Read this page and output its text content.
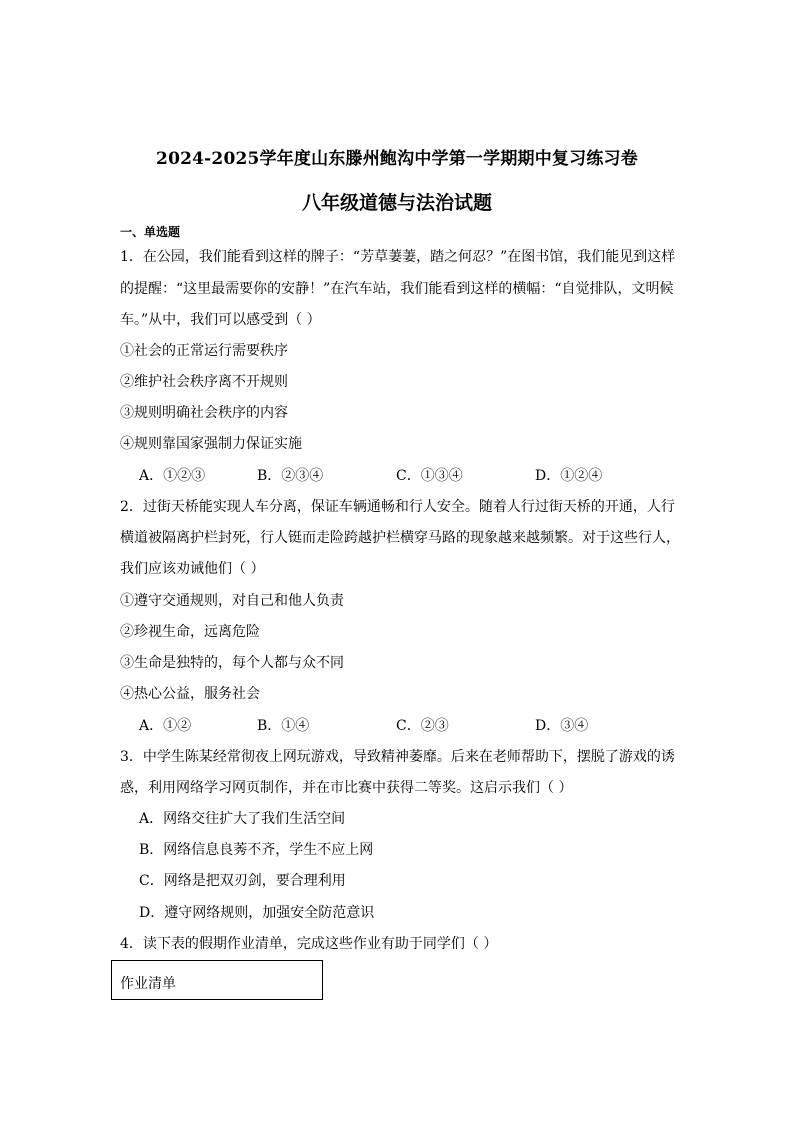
2024-2025学年度山东滕州鲍沟中学第一学期期中复习练习卷
八年级道德与法治试题
一、单选题
1．在公园，我们能看到这样的牌子：“芳草萋萋，踏之何忍？”在图书馆，我们能见到这样
的提醒：“这里最需要你的安静！”在汽车站，我们能看到这样的横幅：“自觉排队，文明候
车。”从中，我们可以感受到（ ）
①社会的正常运行需要秩序
②维护社会秩序离不开规则
③规则明确社会秩序的内容
④规则靠国家强制力保证实施
A．①②③	B．②③④	C．①③④	D．①②④
2．过街天桥能实现人车分离，保证车辆通畅和行人安全。随着人行过街天桥的开通，人行
横道被隔离护栏封死，行人铤而走险跨越护栏横穿马路的现象越来越频繁。对于这些行人，
我们应该劝诫他们（ ）
①遵守交通规则，对自己和他人负责
②珍视生命，远离危险
③生命是独特的，每个人都与众不同
④热心公益，服务社会
A．①②	B．①④	C．②③	D．③④
3．中学生陈某经常彻夜上网玩游戏，导致精神萎靡。后来在老师帮助下，摆脱了游戏的诱
惑，利用网络学习网页制作，并在市比赛中获得二等奖。这启示我们（ ）
A．网络交往扩大了我们生活空间
B．网络信息良莠不齐，学生不应上网
C．网络是把双刃剑，要合理利用
D．遵守网络规则，加强安全防范意识
4．读下表的假期作业清单，完成这些作业有助于同学们（ ）
作业清单
